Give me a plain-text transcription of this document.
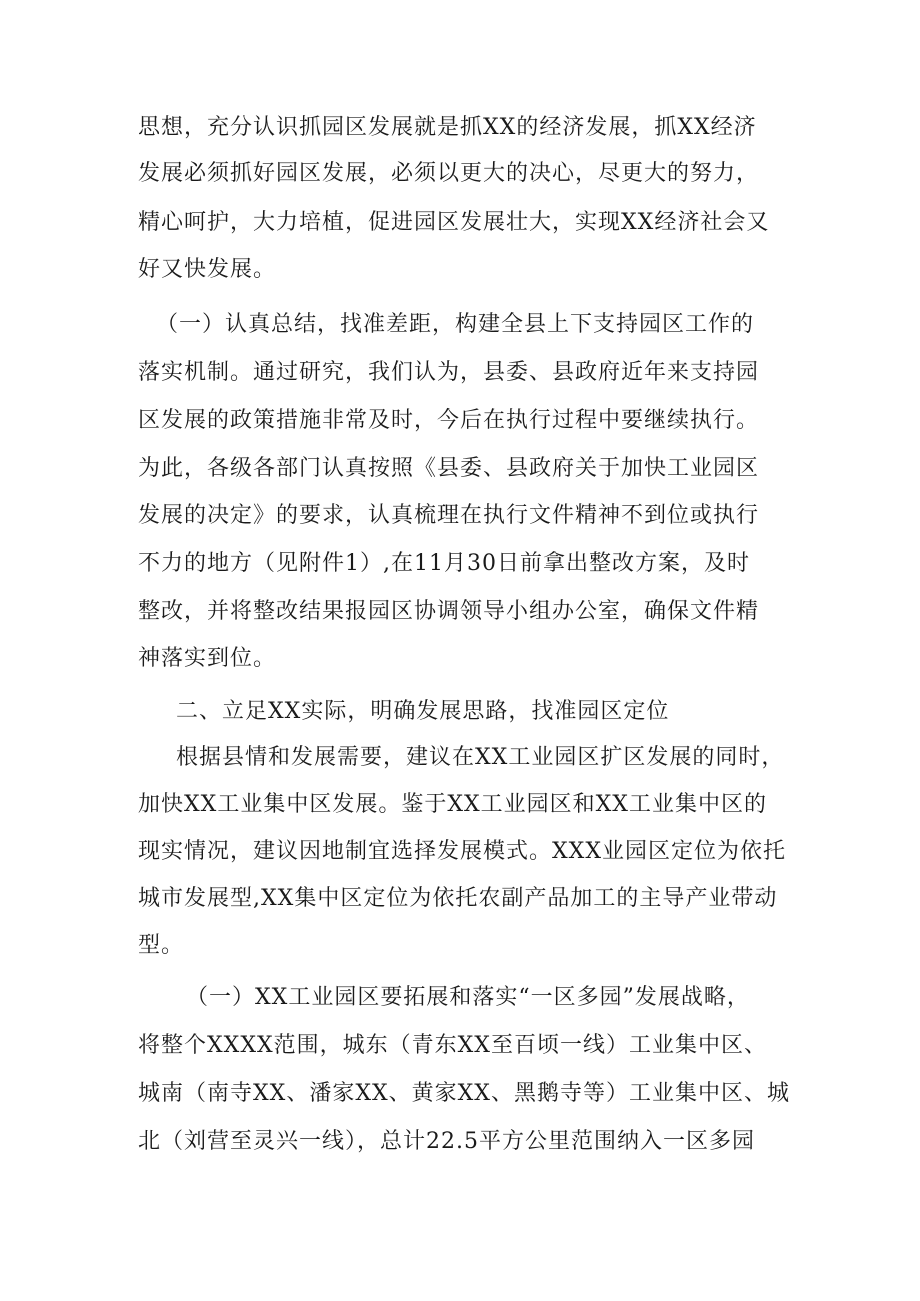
思想，充分认识抓园区发展就是抓XX的经济发展，抓XX经济
发展必须抓好园区发展，必须以更大的决心，尽更大的努力，
精心呵护，大力培植，促进园区发展壮大，实现XX经济社会又
好又快发展。
（一）认真总结，找准差距，构建全县上下支持园区工作的
落实机制。通过研究，我们认为，县委、县政府近年来支持园
区发展的政策措施非常及时，今后在执行过程中要继续执行。
为此，各级各部门认真按照《县委、县政府关于加快工业园区
发展的决定》的要求，认真梳理在执行文件精神不到位或执行
不力的地方（见附件1）,在11月30日前拿出整改方案，及时
整改，并将整改结果报园区协调领导小组办公室，确保文件精
神落实到位。
二、立足XX实际，明确发展思路，找准园区定位
根据县情和发展需要，建议在XX工业园区扩区发展的同时，
加快XX工业集中区发展。鉴于XX工业园区和XX工业集中区的
现实情况，建议因地制宜选择发展模式。XXX业园区定位为依托
城市发展型,XX集中区定位为依托农副产品加工的主导产业带动
型。
（一）XX工业园区要拓展和落实“一区多园”发展战略，
将整个XXXX范围，城东（青东XX至百顷一线）工业集中区、
城南（南寺XX、潘家XX、黄家XX、黑鹅寺等）工业集中区、城
北（刘营至灵兴一线），总计22.5平方公里范围纳入一区多园
